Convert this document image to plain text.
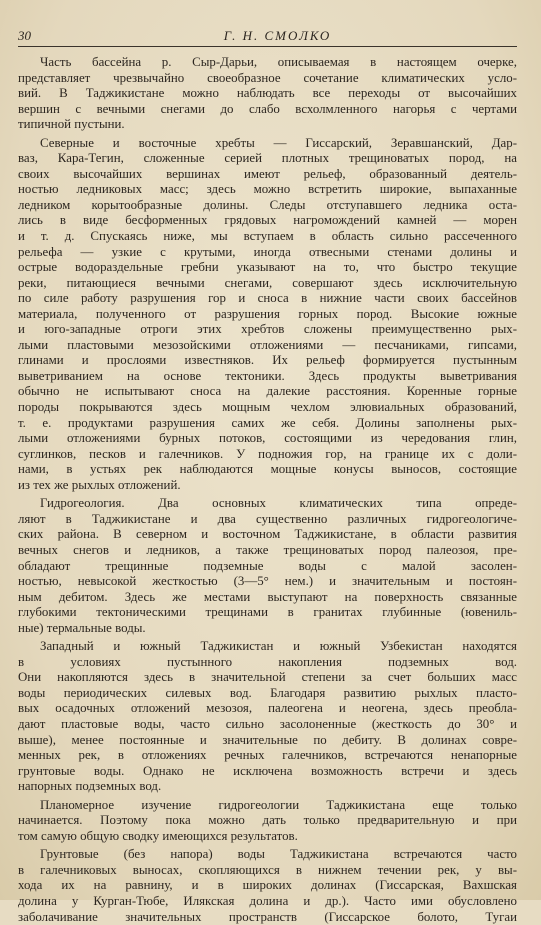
30	Г. Н. СМОЛКО
Часть бассейна р. Сыр-Дарьи, описываемая в настоящем очерке,
представляет чрезвычайно своеобразное сочетание климатических усло-
вий. В Таджикистане можно наблюдать все переходы от высочайших
вершин с вечными снегами до слабо всхолмленного нагорья с чертами
типичной пустыни.
Северные и восточные хребты — Гиссарский, Зеравшанский, Дар-
ваз, Кара-Тегин, сложенные серией плотных трещиноватых пород, на
своих высочайших вершинах имеют рельеф, образованный деятель-
ностью ледниковых масс; здесь можно встретить широкие, выпаханные
ледником корытообразные долины. Следы отступавшего ледника оста-
лись в виде бесформенных грядовых нагромождений камней — морен
и т. д. Спускаясь ниже, мы вступаем в область сильно рассеченного
рельефа — узкие с крутыми, иногда отвесными стенами долины и
острые водораздельные гребни указывают на то, что быстро текущие
реки, питающиеся вечными снегами, совершают здесь исключительную
по силе работу разрушения гор и сноса в нижние части своих бассейнов
материала, полученного от разрушения горных пород. Высокие южные
и юго-западные отроги этих хребтов сложены преимущественно рых-
лыми пластовыми мезозойскими отложениями — песчаниками, гипсами,
глинами и прослоями известняков. Их рельеф формируется пустынным
выветриванием на основе тектоники. Здесь продукты выветривания
обычно не испытывают сноса на далекие расстояния. Коренные горные
породы покрываются здесь мощным чехлом элювиальных образований,
т. е. продуктами разрушения самих же себя. Долины заполнены рых-
лыми отложениями бурных потоков, состоящими из чередования глин,
суглинков, песков и галечников. У подножия гор, на границе их с доли-
нами, в устьях рек наблюдаются мощные конусы выносов, состоящие
из тех же рыхлых отложений.
Гидрогеология. Два основных климатических типа опреде-
ляют в Таджикистане и два существенно различных гидрогеологиче-
ских района. В северном и восточном Таджикистане, в области развития
вечных снегов и ледников, а также трещиноватых пород палеозоя, пре-
обладают трещинные подземные воды с малой засолен-
ностью, невысокой жесткостью (3—5° нем.) и значительным и постоян-
ным дебитом. Здесь же местами выступают на поверхность связанные
глубокими тектоническими трещинами в гранитах глубинные (ювениль-
ные) термальные воды.
Западный и южный Таджикистан и южный Узбекистан находятся
в условиях пустынного накопления подземных вод.
Они накопляются здесь в значительной степени за счет больших масс
воды периодических силевых вод. Благодаря развитию рыхлых пласто-
вых осадочных отложений мезозоя, палеогена и неогена, здесь преобла-
дают пластовые воды, часто сильно засолоненные (жесткость до 30° и
выше), менее постоянные и значительные по дебиту. В долинах совре-
менных рек, в отложениях речных галечников, встречаются ненапорные
грунтовые воды. Однако не исключена возможность встречи и здесь
напорных подземных вод.
Планомерное изучение гидрогеологии Таджикистана еще только
начинается. Поэтому пока можно дать только предварительную и при
том самую общую сводку имеющихся результатов.
Грунтовые (без напора) воды Таджикистана встречаются часто
в галечниковых выносах, скопляющихся в нижнем течении рек, у вы-
хода их на равнину, и в широких долинах (Гиссарская, Вахшская
долина у Курган-Тюбе, Илякская долина и др.). Часто ими обусловлено
заболачивание значительных пространств (Гиссарское болото, Тугаи
